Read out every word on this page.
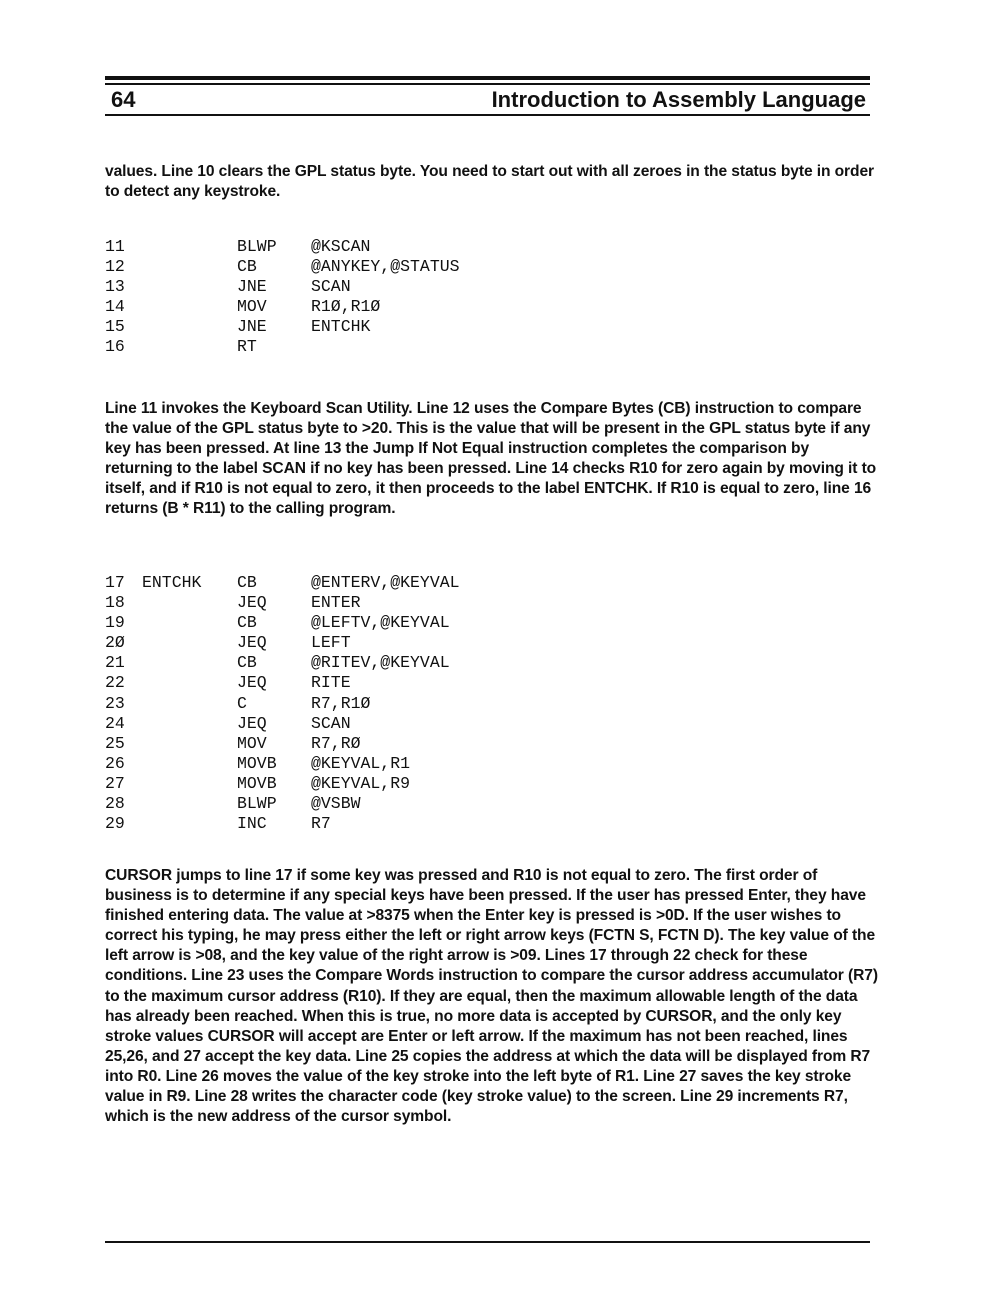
64	Introduction to Assembly Language

values. Line 10 clears the GPL status byte. You need to start out with all zeroes in the status byte in order to detect any keystroke.

11	BLWP @KSCAN
12	CB	@ANYKEY,@STATUS
13	JNE	SCAN
14	MOV	R1Ø,R1Ø
15	JNE	ENTCHK
16	RT

Line 11 invokes the Keyboard Scan Utility. Line 12 uses the Compare Bytes (CB) instruction to compare the value of the GPL status byte to >20. This is the value that will be present in the GPL status byte if any key has been pressed. At line 13 the Jump If Not Equal instruction completes the comparison by returning to the label SCAN if no key has been pressed. Line 14 checks R10 for zero again by moving it to itself, and if R10 is not equal to zero, it then proceeds to the label ENTCHK. If R10 is equal to zero, line 16 returns (B * R11) to the calling program.

17 ENTCHK CB	@ENTERV,@KEYVAL
18	JEQ	ENTER
19	CB	@LEFTV,@KEYVAL
2Ø	JEQ	LEFT
21	CB	@RITEV,@KEYVAL
22	JEQ	RITE
23	C	R7,R1Ø
24	JEQ	SCAN
25	MOV	R7,RØ
26	MOVB @KEYVAL,R1
27	MOVB @KEYVAL,R9
28	BLWP @VSBW
29	INC	R7

CURSOR jumps to line 17 if some key was pressed and R10 is not equal to zero. The first order of business is to determine if any special keys have been pressed. If the user has pressed Enter, they have finished entering data. The value at >8375 when the Enter key is pressed is >0D. If the user wishes to correct his typing, he may press either the left or right arrow keys (FCTN S, FCTN D). The key value of the left arrow is >08, and the key value of the right arrow is >09. Lines 17 through 22 check for these conditions. Line 23 uses the Compare Words instruction to compare the cursor address accumulator (R7) to the maximum cursor address (R10). If they are equal, then the maximum allowable length of the data has already been reached. When this is true, no more data is accepted by CURSOR, and the only key stroke values CURSOR will accept are Enter or left arrow. If the maximum has not been reached, lines 25,26, and 27 accept the key data. Line 25 copies the address at which the data will be displayed from R7 into R0. Line 26 moves the value of the key stroke into the left byte of R1. Line 27 saves the key stroke value in R9. Line 28 writes the character code (key stroke value) to the screen. Line 29 increments R7, which is the new address of the cursor symbol.
